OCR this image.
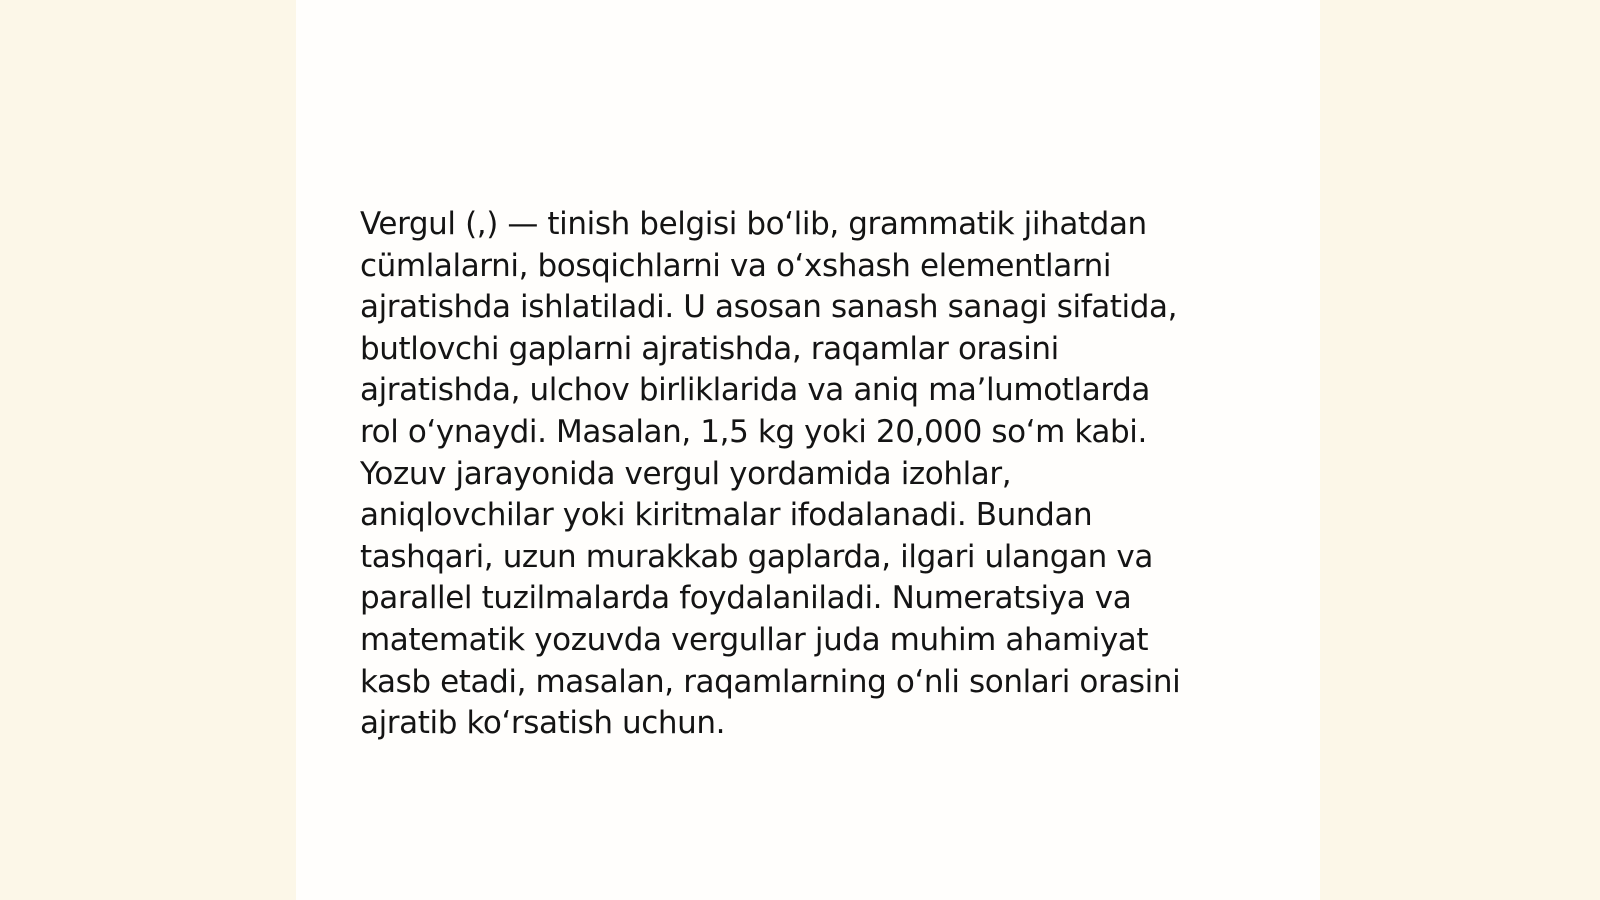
Vergul (,) — tinish belgisi bo‘lib, grammatik jihatdan
cümlalarni, bosqichlarni va o‘xshash elementlarni
ajratishda ishlatiladi. U asosan sanash sanagi sifatida,
butlovchi gaplarni ajratishda, raqamlar orasini
ajratishda, ulchov birliklarida va aniq ma’lumotlarda
rol o‘ynaydi. Masalan, 1,5 kg yoki 20,000 so‘m kabi.
Yozuv jarayonida vergul yordamida izohlar,
aniqlovchilar yoki kiritmalar ifodalanadi. Bundan
tashqari, uzun murakkab gaplarda, ilgari ulangan va
parallel tuzilmalarda foydalaniladi. Numeratsiya va
matematik yozuvda vergullar juda muhim ahamiyat
kasb etadi, masalan, raqamlarning o‘nli sonlari orasini
ajratib ko‘rsatish uchun.
